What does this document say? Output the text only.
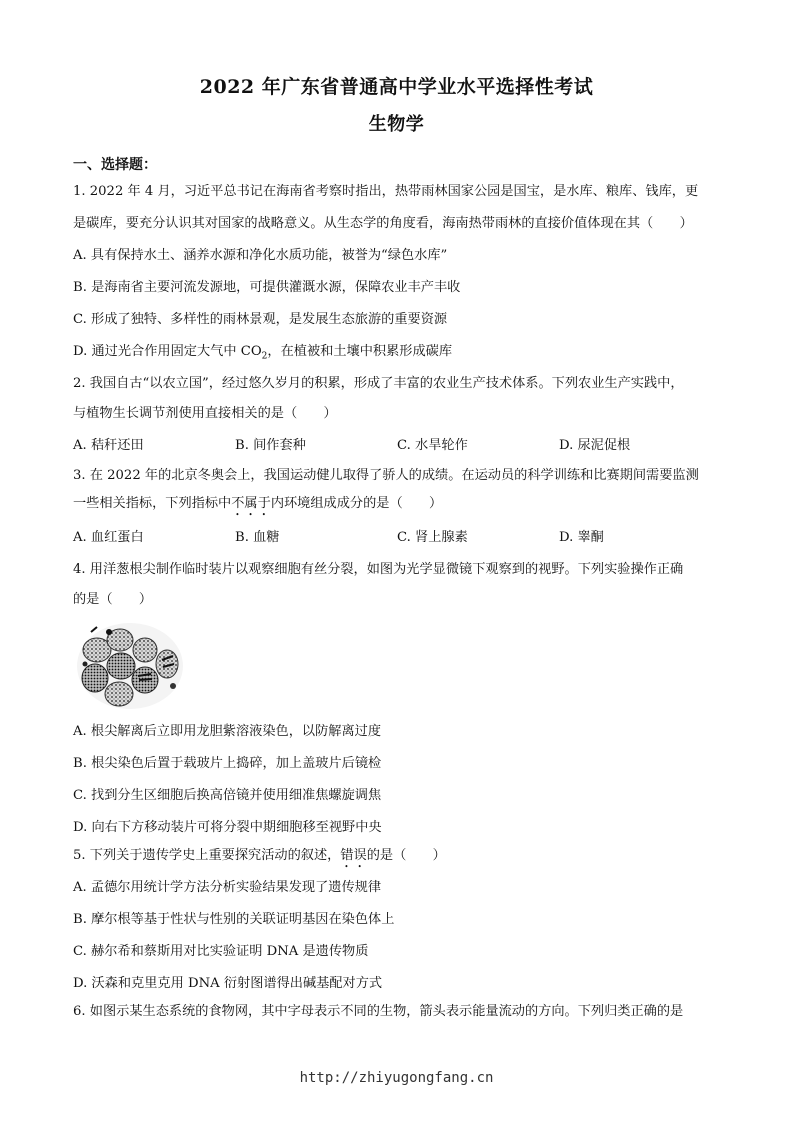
2022 年广东省普通高中学业水平选择性考试
生物学
一、选择题：
1. 2022 年 4 月，习近平总书记在海南省考察时指出，热带雨林国家公园是国宝，是水库、粮库、钱库，更
是碳库，要充分认识其对国家的战略意义。从生态学的角度看，海南热带雨林的直接价值体现在其（　　）
A. 具有保持水土、涵养水源和净化水质功能，被誉为“绿色水库”
B. 是海南省主要河流发源地，可提供灌溉水源，保障农业丰产丰收
C. 形成了独特、多样性的雨林景观，是发展生态旅游的重要资源
D. 通过光合作用固定大气中 $CO_2$，在植被和土壤中积累形成碳库
2. 我国自古“以农立国”，经过悠久岁月的积累，形成了丰富的农业生产技术体系。下列农业生产实践中，
与植物生长调节剂使用直接相关的是（　　）
A. 秸秆还田	B. 间作套种	C. 水旱轮作	D. 尿泥促根
3. 在 2022 年的北京冬奥会上，我国运动健儿取得了骄人的成绩。在运动员的科学训练和比赛期间需要监测
一些相关指标，下列指标中不属于内环境组成成分的是（　　）
A. 血红蛋白	B. 血糖	C. 肾上腺素	D. 睾酮
4. 用洋葱根尖制作临时装片以观察细胞有丝分裂，如图为光学显微镜下观察到的视野。下列实验操作正确
的是（　　）
A. 根尖解离后立即用龙胆紫溶液染色，以防解离过度
B. 根尖染色后置于载玻片上捣碎，加上盖玻片后镜检
C. 找到分生区细胞后换高倍镜并使用细准焦螺旋调焦
D. 向右下方移动装片可将分裂中期细胞移至视野中央
5. 下列关于遗传学史上重要探究活动的叙述，错误的是（　　）
A. 孟德尔用统计学方法分析实验结果发现了遗传规律
B. 摩尔根等基于性状与性别的关联证明基因在染色体上
C. 赫尔希和蔡斯用对比实验证明 DNA 是遗传物质
D. 沃森和克里克用 DNA 衍射图谱得出碱基配对方式
6. 如图示某生态系统的食物网，其中字母表示不同的生物，箭头表示能量流动的方向。下列归类正确的是
http://zhiyugongfang.cn
